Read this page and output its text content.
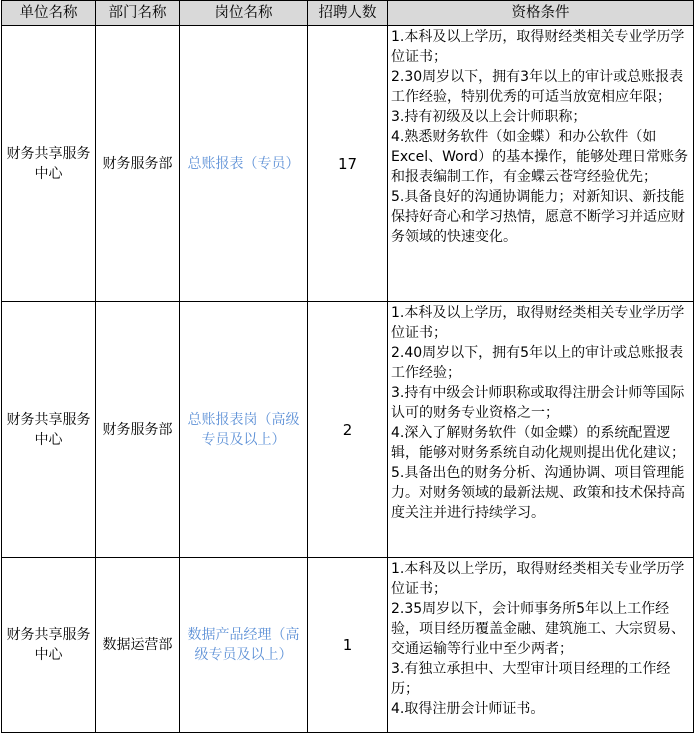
单位名称	部门名称	岗位名称	招聘人数	资格条件
财务共享服务中心	财务服务部	总账报表（专员）	17	1.本科及以上学历，取得财经类相关专业学历学位证书；
2.30周岁以下，拥有3年以上的审计或总账报表工作经验，特别优秀的可适当放宽相应年限；
3.持有初级及以上会计师职称；
4.熟悉财务软件（如金蝶）和办公软件（如Excel、Word）的基本操作，能够处理日常账务和报表编制工作，有金蝶云苍穹经验优先；
5.具备良好的沟通协调能力；对新知识、新技能保持好奇心和学习热情，愿意不断学习并适应财务领域的快速变化。

财务共享服务中心	财务服务部	总账报表岗（高级专员及以上）	2	1.本科及以上学历，取得财经类相关专业学历学位证书；
2.40周岁以下，拥有5年以上的审计或总账报表工作经验；
3.持有中级会计师职称或取得注册会计师等国际认可的财务专业资格之一；
4.深入了解财务软件（如金蝶）的系统配置逻辑，能够对财务系统自动化规则提出优化建议；
5.具备出色的财务分析、沟通协调、项目管理能力。对财务领域的最新法规、政策和技术保持高度关注并进行持续学习。

财务共享服务中心	数据运营部	数据产品经理（高级专员及以上）	1	1.本科及以上学历，取得财经类相关专业学历学位证书；
2.35周岁以下，会计师事务所5年以上工作经验，项目经历覆盖金融、建筑施工、大宗贸易、交通运输等行业中至少两者；
3.有独立承担中、大型审计项目经理的工作经历；
4.取得注册会计师证书。
